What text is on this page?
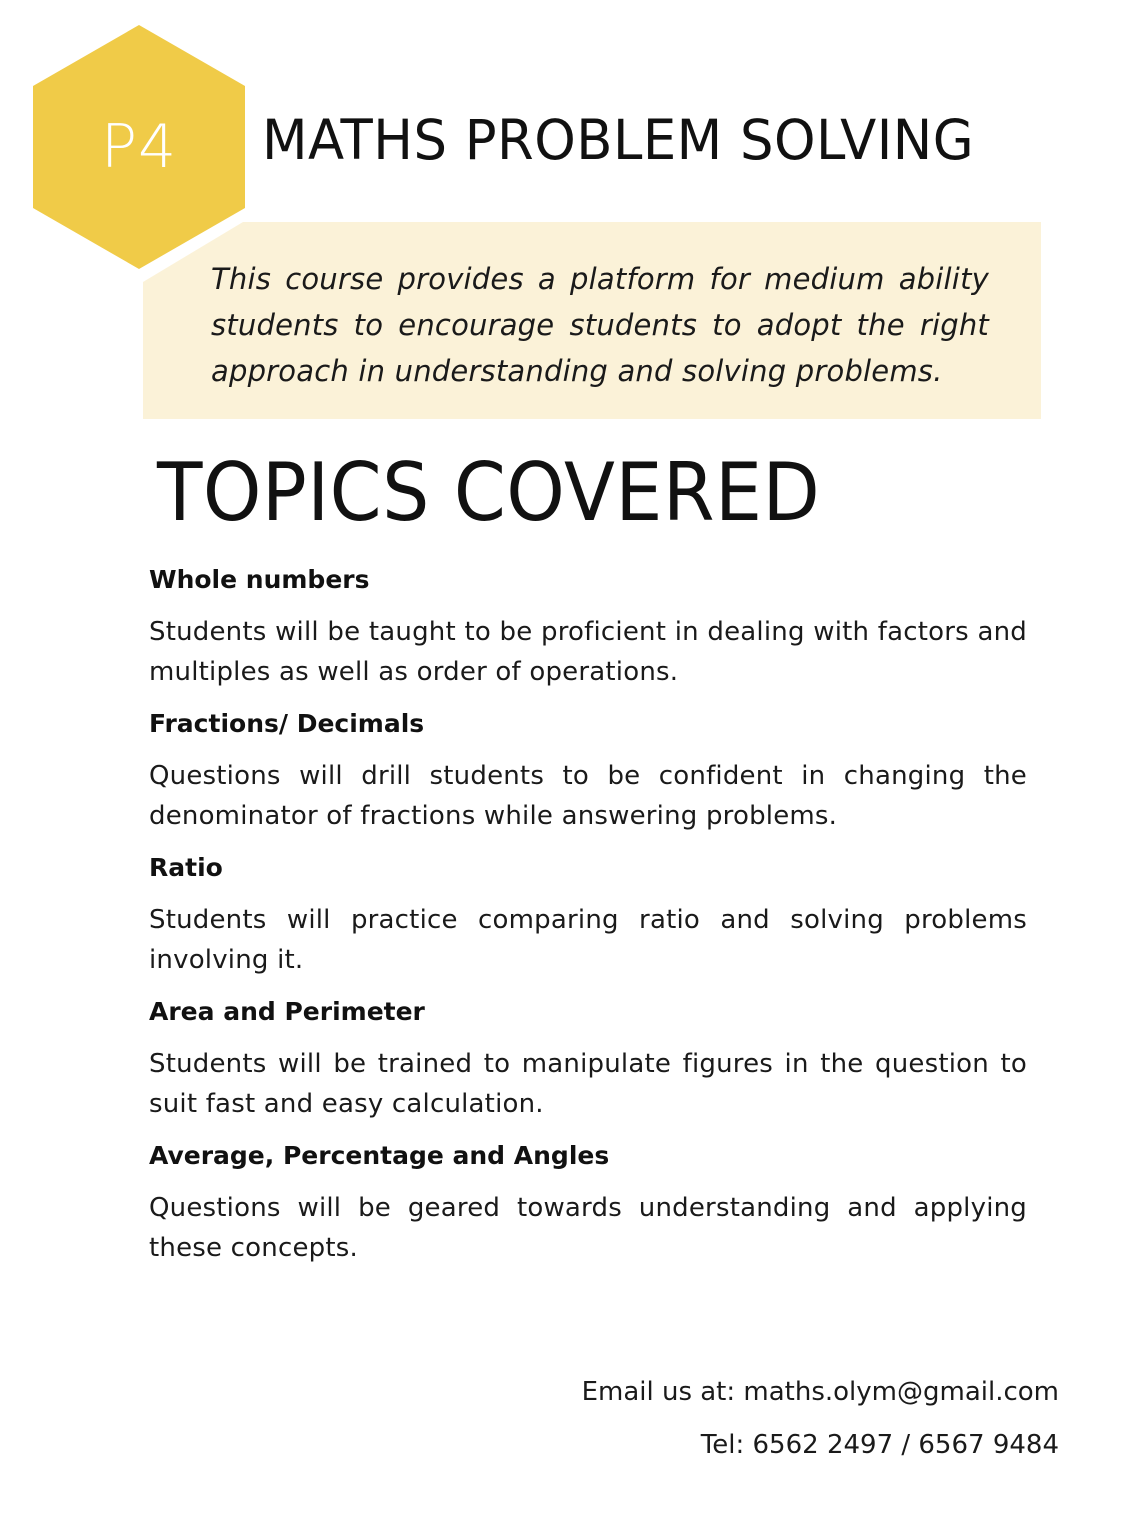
This course provides a platform for medium ability students to encourage students to adopt the right approach in understanding and solving problems.
P4	MATHS PROBLEM SOLVING
TOPICS COVERED
Whole numbers
Students will be taught to be proficient in dealing with factors and multiples as well as order of operations.
Fractions/ Decimals
Questions will drill students to be confident in changing the denominator of fractions while answering problems.
Ratio
Students will practice comparing ratio and solving problems involving it.
Area and Perimeter
Students will be trained to manipulate figures in the question to suit fast and easy calculation.
Average, Percentage and Angles
Questions will be geared towards understanding and applying these concepts.
Email us at: maths.olym@gmail.com
Tel: 6562 2497 / 6567 9484
